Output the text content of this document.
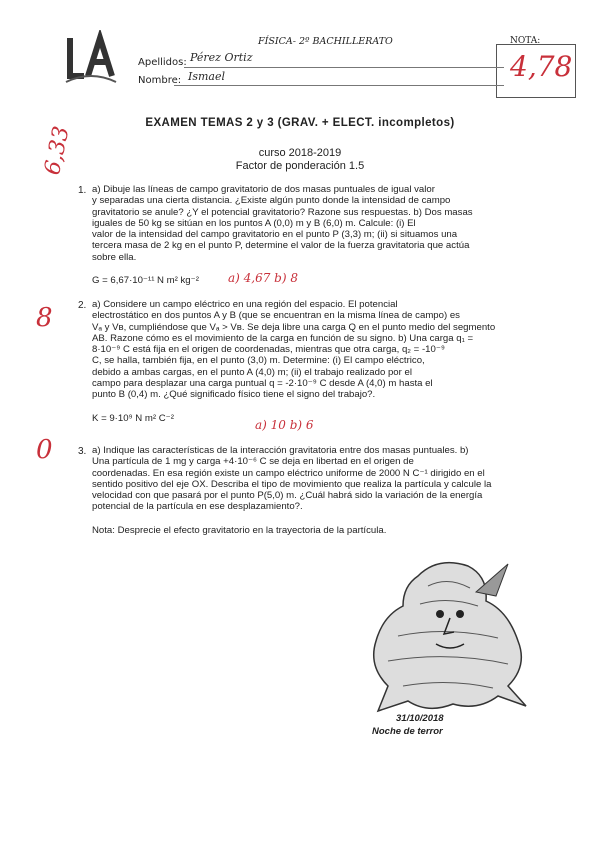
FÍSICA- 2º BACHILLERATO	NOTA:
4,78
Apellidos: Pérez Ortiz
Nombre: Ismael
EXAMEN TEMAS 2 y 3 (GRAV. + ELECT. incompletos)
curso 2018-2019
Factor de ponderación 1.5
6,33
1. a) Dibuje las líneas de campo gravitatorio de dos masas puntuales de igual valor
y separadas una cierta distancia. ¿Existe algún punto donde la intensidad de campo
gravitatorio se anule? ¿Y el potencial gravitatorio? Razone sus respuestas. b) Dos masas
iguales de 50 kg se sitúan en los puntos A (0,0) m y B (6,0) m. Calcule: (i) El
valor de la intensidad del campo gravitatorio en el punto P (3,3) m; (ii) si situamos una
tercera masa de 2 kg en el punto P, determine el valor de la fuerza gravitatoria que actúa
sobre ella.
G = 6,67·10⁻¹¹ N m² kg⁻² a) 4,67 b) 8
8	2. a) Considere un campo eléctrico en una región del espacio. El potencial
electrostático en dos puntos A y B (que se encuentran en la misma línea de campo) es
Vₐ y Vʙ, cumpliéndose que Vₐ > Vʙ. Se deja libre una carga Q en el punto medio del segmento
AB. Razone cómo es el movimiento de la carga en función de su signo. b) Una carga q₁ =
8·10⁻⁹ C está fija en el origen de coordenadas, mientras que otra carga, q₂ = -10⁻⁹
C, se halla, también fija, en el punto (3,0) m. Determine: (i) El campo eléctrico,
debido a ambas cargas, en el punto A (4,0) m; (ii) el trabajo realizado por el
campo para desplazar una carga puntual q = -2·10⁻⁹ C desde A (4,0) m hasta el
punto B (0,4) m. ¿Qué significado físico tiene el signo del trabajo?.
K = 9·10⁹ N m² C⁻²	a) 10 b) 6
0	3. a) Indique las características de la interacción gravitatoria entre dos masas puntuales. b)
Una partícula de 1 mg y carga +4·10⁻⁶ C se deja en libertad en el origen de
coordenadas. En esa región existe un campo eléctrico uniforme de 2000 N C⁻¹ dirigido en el
sentido positivo del eje OX. Describa el tipo de movimiento que realiza la partícula y calcule la
velocidad con que pasará por el punto P(5,0) m. ¿Cuál habrá sido la variación de la energía
potencial de la partícula en ese desplazamiento?.
Nota: Desprecie el efecto gravitatorio en la trayectoria de la partícula.
31/10/2018
Noche de terror
